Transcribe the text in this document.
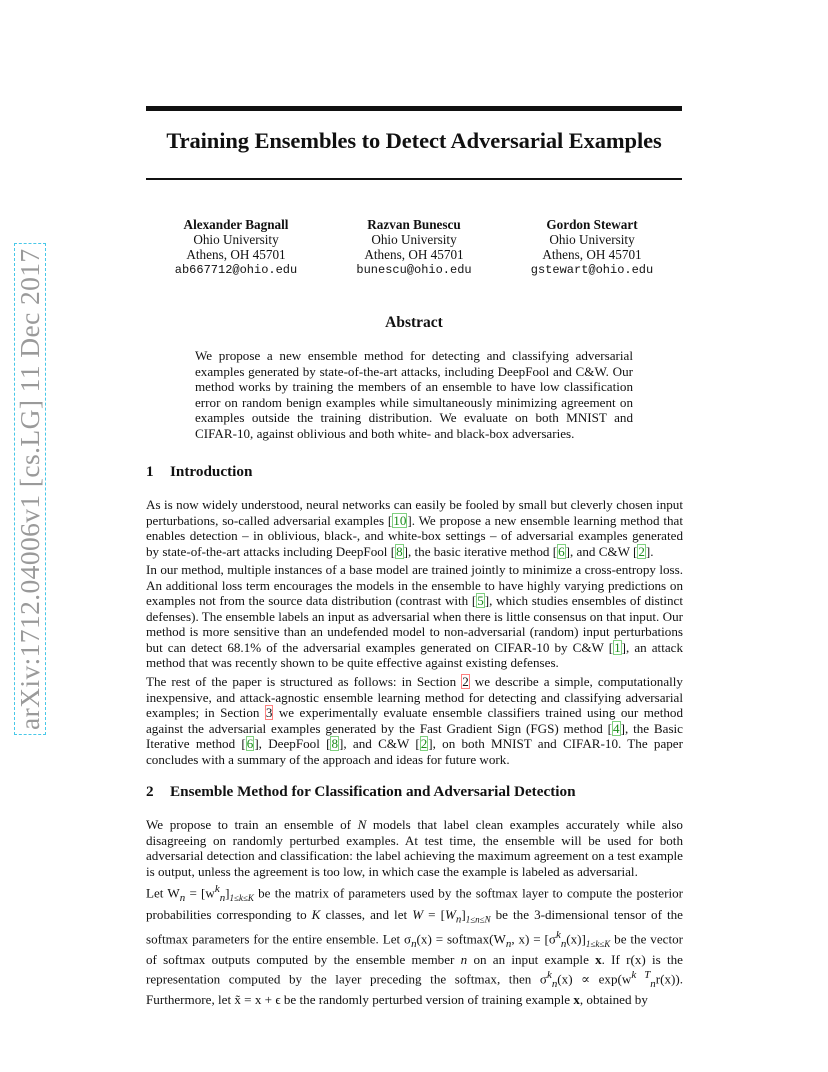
arXiv:1712.04006v1 [cs.LG] 11 Dec 2017
Training Ensembles to Detect Adversarial Examples
Alexander Bagnall
Ohio University
Athens, OH 45701
ab667712@ohio.edu
Razvan Bunescu
Ohio University
Athens, OH 45701
bunescu@ohio.edu
Gordon Stewart
Ohio University
Athens, OH 45701
gstewart@ohio.edu
Abstract
We propose a new ensemble method for detecting and classifying adversarial examples generated by state-of-the-art attacks, including DeepFool and C&W. Our method works by training the members of an ensemble to have low classification error on random benign examples while simultaneously minimizing agreement on examples outside the training distribution. We evaluate on both MNIST and CIFAR-10, against oblivious and both white- and black-box adversaries.
1 Introduction
As is now widely understood, neural networks can easily be fooled by small but cleverly chosen input perturbations, so-called adversarial examples [10]. We propose a new ensemble learning method that enables detection – in oblivious, black-, and white-box settings – of adversarial examples generated by state-of-the-art attacks including DeepFool [8], the basic iterative method [6], and C&W [2].
In our method, multiple instances of a base model are trained jointly to minimize a cross-entropy loss. An additional loss term encourages the models in the ensemble to have highly varying predictions on examples not from the source data distribution (contrast with [5], which studies ensembles of distinct defenses). The ensemble labels an input as adversarial when there is little consensus on that input. Our method is more sensitive than an undefended model to non-adversarial (random) input perturbations but can detect 68.1% of the adversarial examples generated on CIFAR-10 by C&W [1], an attack method that was recently shown to be quite effective against existing defenses.
The rest of the paper is structured as follows: in Section 2 we describe a simple, computationally inexpensive, and attack-agnostic ensemble learning method for detecting and classifying adversarial examples; in Section 3 we experimentally evaluate ensemble classifiers trained using our method against the adversarial examples generated by the Fast Gradient Sign (FGS) method [4], the Basic Iterative method [6], DeepFool [8], and C&W [2], on both MNIST and CIFAR-10. The paper concludes with a summary of the approach and ideas for future work.
2 Ensemble Method for Classification and Adversarial Detection
We propose to train an ensemble of N models that label clean examples accurately while also disagreeing on randomly perturbed examples. At test time, the ensemble will be used for both adversarial detection and classification: the label achieving the maximum agreement on a test example is output, unless the agreement is too low, in which case the example is labeled as adversarial.
Let $W_n = [w^k_n]_{1\le k\le K}$ be the matrix of parameters used by the softmax layer to compute the posterior probabilities corresponding to K classes, and let $W = [W_n]_{1\le n\le N}$ be the 3-dimensional tensor of the softmax parameters for the entire ensemble. Let $\sigma_n(x)$ = $softmax(W_n$, $x) = [\sigma^k_n(x)]_{1\le k\le K}$ be the vector of softmax outputs computed by the ensemble member n on an input example x. If r(x) is the representation computed by the layer preceding the softmax, then $\sigma^k_n(x) \propto \exp(w^{k T}_nr(x))$. Furthermore, let x̃ = x + ϵ be the randomly perturbed version of training example x, obtained by
